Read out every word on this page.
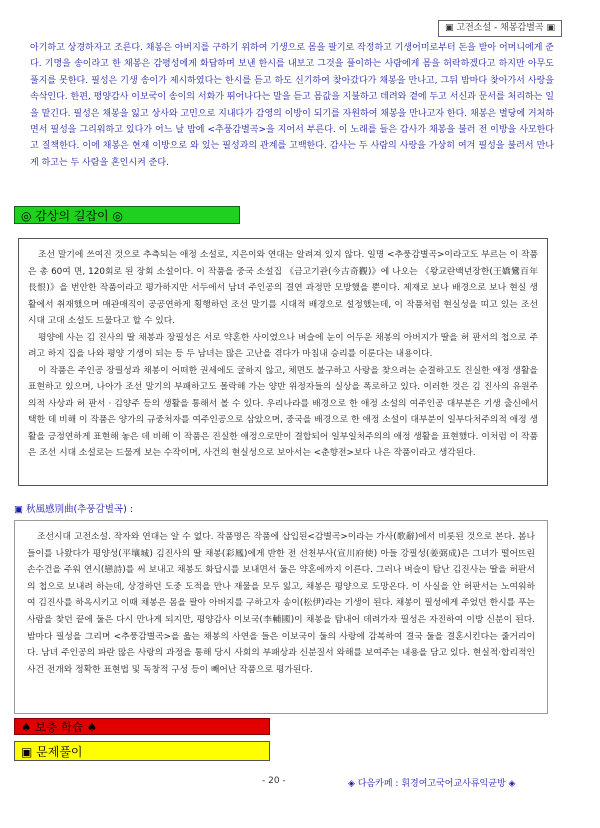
▣ 고전소설 - 채봉감별곡 ▣

아기하고 상경하자고 조른다. 채봉은 아버지를 구하기 위하여 기생으로 몸을 팔기로 작정하고 기생어미로부터 돈을 받아 어머니에게 준다. 기명을 송이라고 한 채봉은 감평성에게 화답하며 보낸 한시를 내보고 그것을 풀이하는 사람에게 몸을 허락하겠다고 하지만 아무도 풀지를 못한다. 필성은 기생 송이가 제시하였다는 한시를 듣고 하도 신기하여 찾아갔다가 채봉을 만나고, 그뒤 밤마다 찾아가서 사랑을 속삭인다. 한편, 평양감사 이보국이 송이의 서화가 뛰어나다는 말을 듣고 몸값을 지불하고 데려와 곁에 두고 서신과 문서를 처리하는 일을 맡긴다. 필성은 채봉을 잃고 상사와 고민으로 지내다가 감영의 이방이 되기를 자원하여 채봉을 만나고자 한다. 채봉은 별당에 거처하면서 필성을 그리워하고 있다가 어느 날 밤에 <추풍감별곡>을 지어서 부른다. 이 노래를 들은 감사가 채봉을 불러 전 이방을 사모한다고 질책한다. 이에 채봉은 현재 이방으로 와 있는 필성과의 관계를 고백한다. 감사는 두 사람의 사랑을 가상히 여겨 필성을 불러서 만나게 하고는 두 사람을 혼인시켜 준다.

◎ 감상의 길잡이 ◎

조선 말기에 쓰여진 것으로 추측되는 애정 소설로, 지은이와 연대는 알려져 있지 않다. 일명 <추풍감별곡>이라고도 부르는 이 작품은 총 60여 면, 120회로 된 장회 소설이다. 이 작품을 중국 소설집 《금고기관(今古奇觀)》에 나오는 《왕교란백년장한(王嬌鸞百年長恨)》을 번안한 작품이라고 평가하지만 서두에서 남녀 주인공의 결연 과정만 모방했을 뿐이다. 제재로 보나 배경으로 보나 현실 생활에서 취재했으며 매관매직이 공공연하게 횡행하던 조선 말기를 시대적 배경으로 설정했는데, 이 작품처럼 현실성을 띠고 있는 조선 시대 고대 소설도 드물다고 할 수 있다.

평양에 사는 김 진사의 딸 채봉과 장필성은 서로 약혼한 사이였으나 벼슬에 눈이 어두운 채봉의 아버지가 딸을 허 판서의 첩으로 주려고 하지 집을 나와 평양 기생이 되는 등 두 남녀는 많은 고난을 겪다가 마침내 승리를 이룬다는 내용이다.

이 작품은 주인공 장필성과 채봉이 어떠한 권세에도 굴하지 않고, 체면도 불구하고 사랑을 찾으려는 순결하고도 진실한 애정 생활을 표현하고 있으며, 나아가 조선 말기의 부패하고도 몰락해 가는 양반 위정자들의 실상을 폭로하고 있다. 이러한 것은 김 진사의 유원주의적 사상과 허 판서 · 김양주 등의 생활을 통해서 볼 수 있다. 우리나라를 배경으로 한 애정 소설의 여주인공 대부분은 기생 출신에서 택한 데 비해 이 작품은 양가의 규중처자를 여주인공으로 삼았으며, 중국을 배경으로 한 애정 소설이 대부분이 일부다처주의적 애정 생활을 긍정연하게 표현해 놓은 데 비해 이 작품은 진실한 애정으로만이 결합되어 일부일처주의의 애정 생활을 표현했다. 이처럼 이 작품은 조선 시대 소설로는 드물게 보는 수작이며, 사건의 현실성으로 보아서는 <춘향전>보다 나은 작품이라고 생각된다.

▣ 秋風感別曲(추풍감별곡) :

조선시대 고전소설. 작자와 연대는 알 수 없다. 작품명은 작품에 삽입된<감별곡>이라는 가사(歌辭)에서 비롯된 것으로 본다. 봄나들이를 나왔다가 평양성(平壤城) 김진사의 딸 채봉(彩鳳)에게 반한 전 선천부사(宣川府使) 아들 강필성(姜弼成)은 그녀가 떨어뜨린 손수건을 주워 연시(戀詩)를 써 보내고 채봉도 화답시를 보내면서 둘은 약혼에까지 이른다. 그러나 벼슬이 탐난 김진사는 딸을 허판서의 첩으로 보내려 하는데, 상경하던 도중 도적을 만나 재물을 모두 잃고, 채봉은 평양으로 도망온다. 이 사실을 안 허판서는 노여워하여 김진사를 하옥시키고 이때 채봉은 몸을 팔아 아버지를 구하고자 송이(松伊)라는 기생이 된다. 채봉이 필성에게 주었던 한시를 푸는 사람을 찾던 끝에 둘은 다시 만나게 되지만, 평양감사 이보국(李輔國)이 채봉을 탐내어 데려가자 필성은 자진하여 이방 신분이 된다. 밤마다 필성을 그리며 <추풍감별곡>을 읊는 채봉의 사연을 들은 이보국이 둘의 사랑에 감복하여 결국 둘을 결혼시킨다는 줄거리이다. 남녀 주인공의 파란 많은 사랑의 과정을 통해 당시 사회의 부패상과 신분질서 와해를 보여주는 내용을 담고 있다. 현실적·합리적인 사건 전개와 정확한 표현법 및 독창적 구성 등이 빼어난 작품으로 평가된다.

♠ 보충 학습 ♠
▣ 문제풀이
- 20 -	◈ 다음카페 : 휘경여고국어교사류익균방 ◈
